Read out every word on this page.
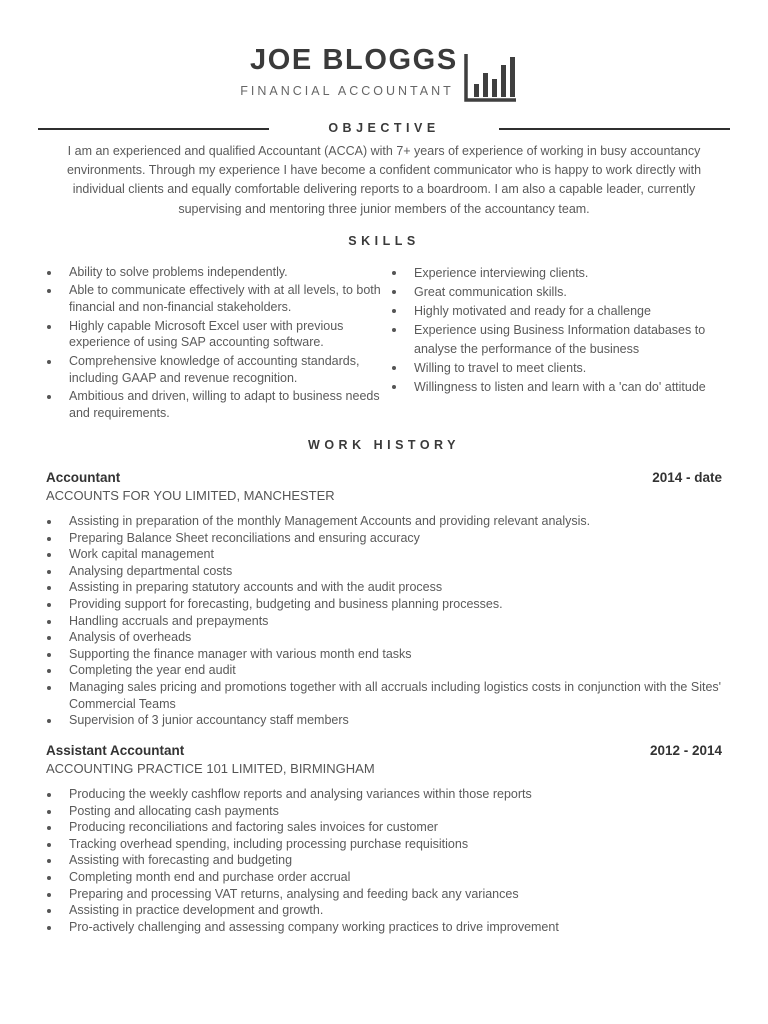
JOE BLOGGS
FINANCIAL ACCOUNTANT
OBJECTIVE
I am an experienced and qualified Accountant (ACCA) with 7+ years of experience of working in busy accountancy environments. Through my experience I have become a confident communicator who is happy to work directly with individual clients and equally comfortable delivering reports to a boardroom. I am also a capable leader, currently supervising and mentoring three junior members of the accountancy team.
SKILLS
Ability to solve problems independently.
Able to communicate effectively with at all levels, to both financial and non-financial stakeholders.
Highly capable Microsoft Excel user with previous experience of using SAP accounting software.
Comprehensive knowledge of accounting standards, including GAAP and revenue recognition.
Ambitious and driven, willing to adapt to business needs and requirements.
Experience interviewing clients.
Great communication skills.
Highly motivated and ready for a challenge
Experience using Business Information databases to analyse the performance of the business
Willing to travel to meet clients.
Willingness to listen and learn with a 'can do' attitude
WORK HISTORY
Accountant	2014 - date
ACCOUNTS FOR YOU LIMITED, MANCHESTER
Assisting in preparation of the monthly Management Accounts and providing relevant analysis.
Preparing Balance Sheet reconciliations and ensuring accuracy
Work capital management
Analysing departmental costs
Assisting in preparing statutory accounts and with the audit process
Providing support for forecasting, budgeting and business planning processes.
Handling accruals and prepayments
Analysis of overheads
Supporting the finance manager with various month end tasks
Completing the year end audit
Managing sales pricing and promotions together with all accruals including logistics costs in conjunction with the Sites' Commercial Teams
Supervision of 3 junior accountancy staff members
Assistant Accountant	2012 - 2014
ACCOUNTING PRACTICE 101 LIMITED, BIRMINGHAM
Producing the weekly cashflow reports and analysing variances within those reports
Posting and allocating cash payments
Producing reconciliations and factoring sales invoices for customer
Tracking overhead spending, including processing purchase requisitions
Assisting with forecasting and budgeting
Completing month end and purchase order accrual
Preparing and processing VAT returns, analysing and feeding back any variances
Assisting in practice development and growth.
Pro-actively challenging and assessing company working practices to drive improvement
